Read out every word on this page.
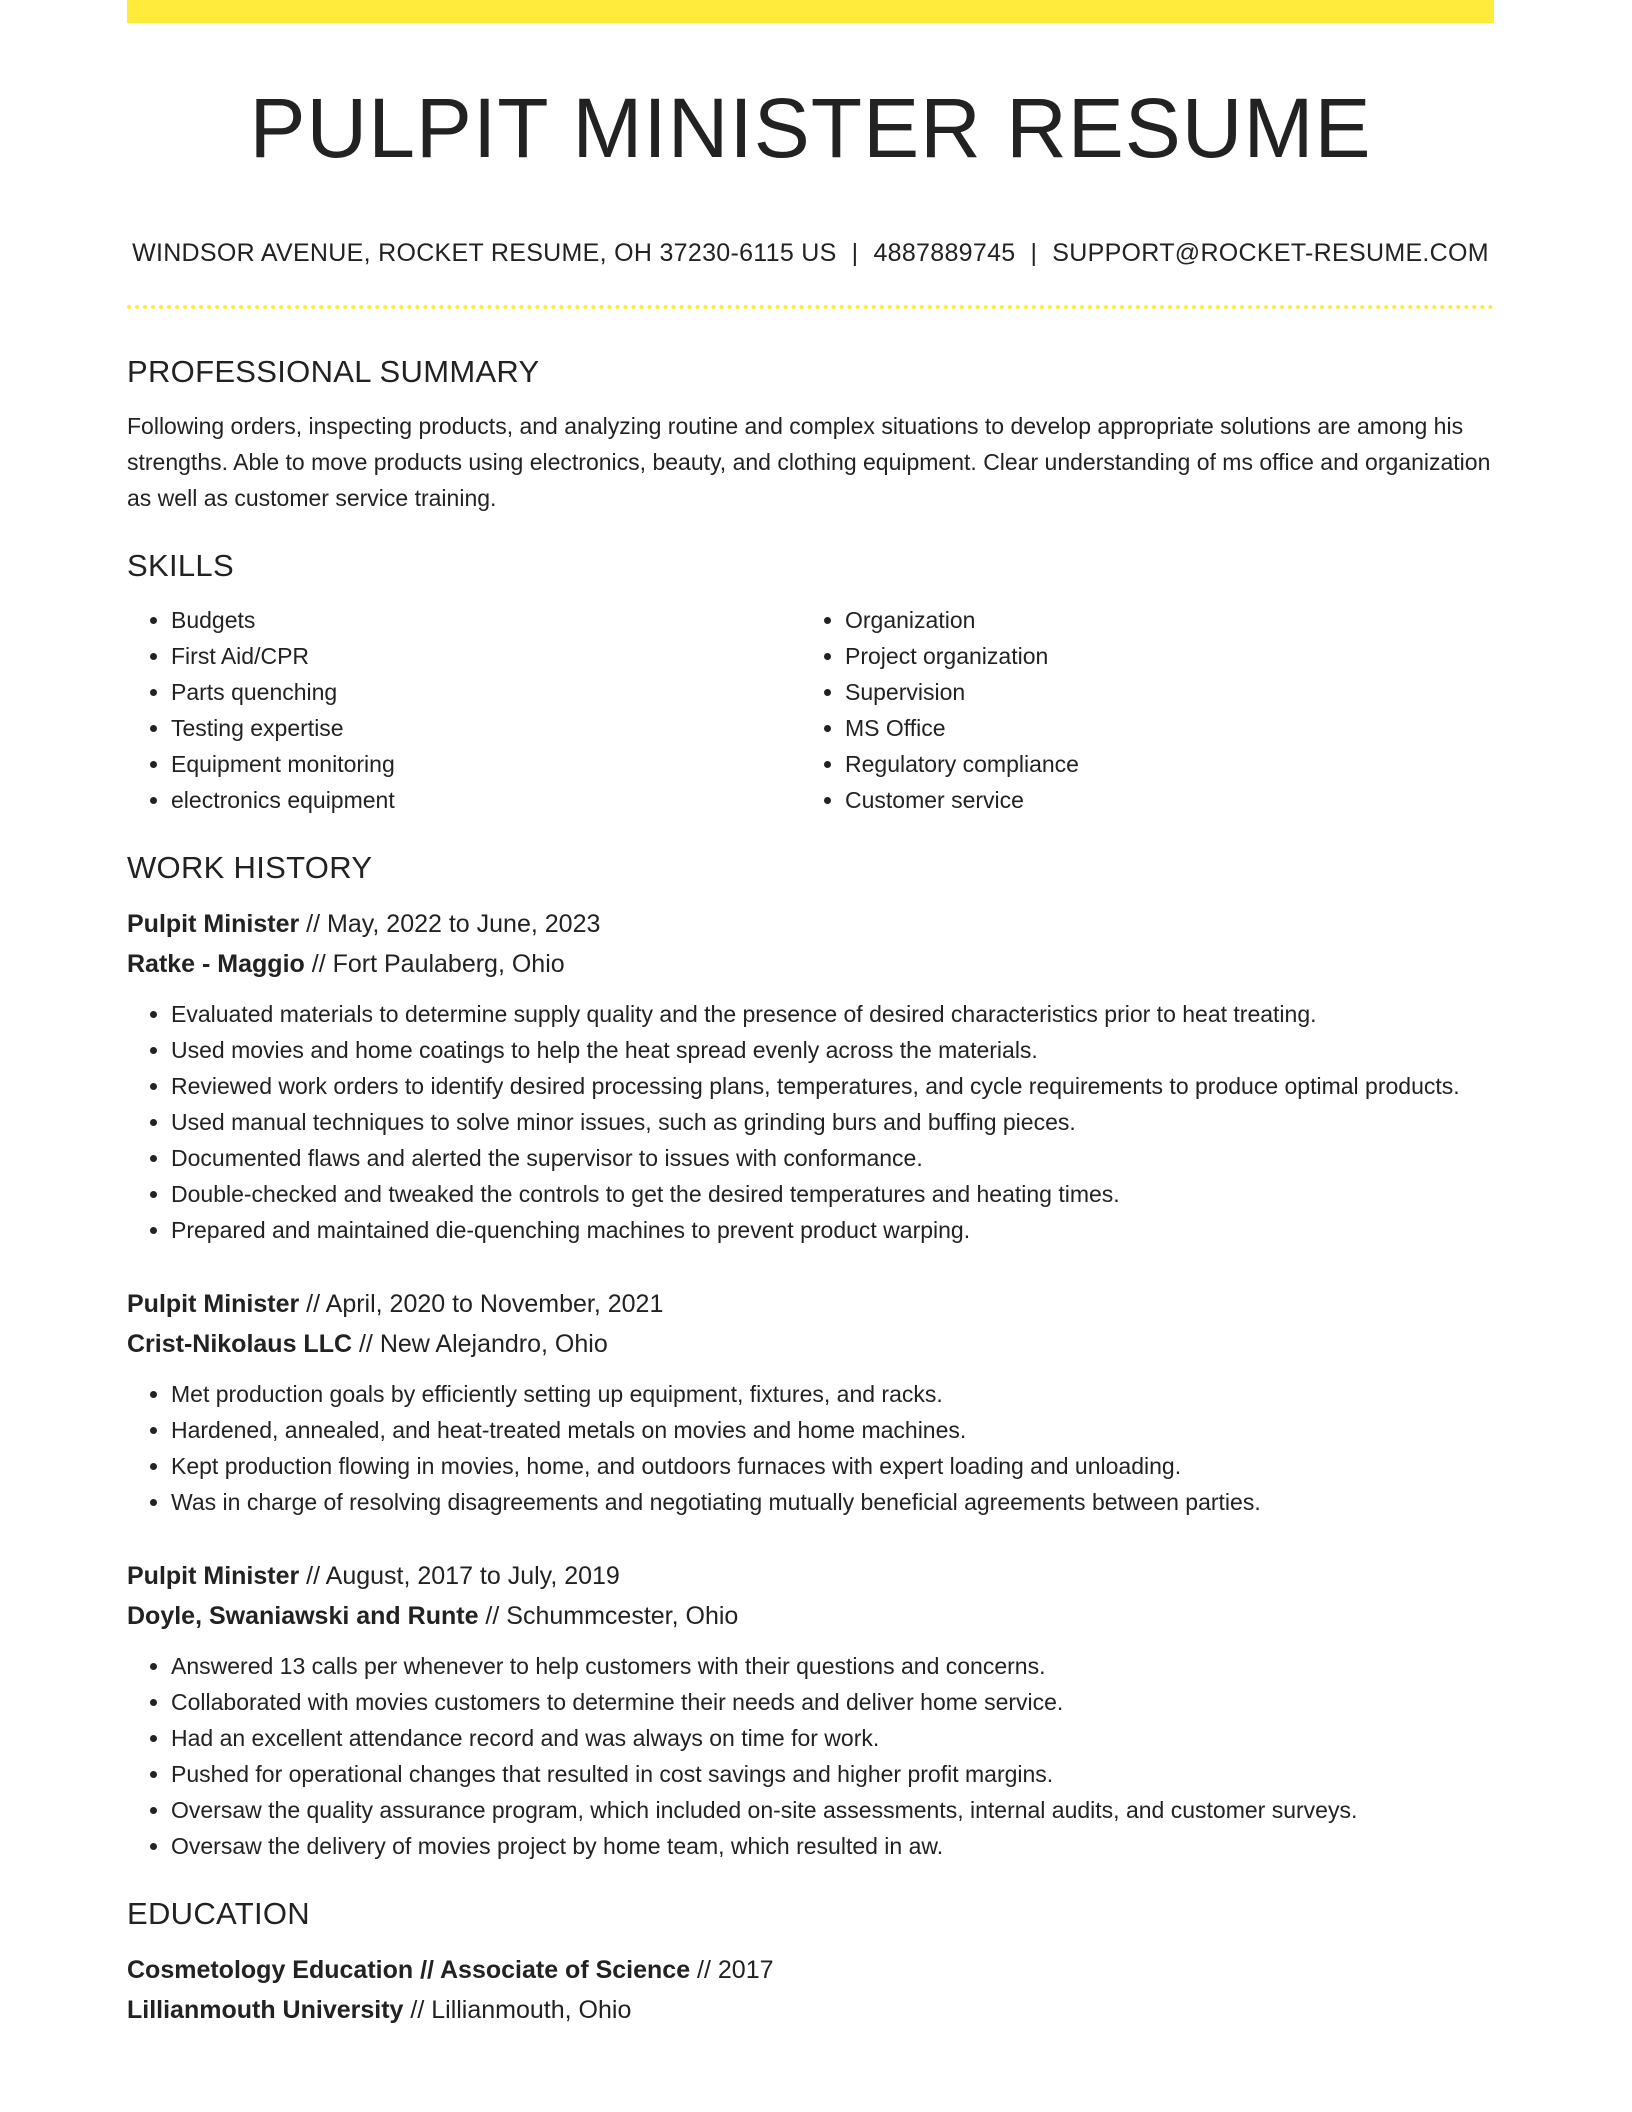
PULPIT MINISTER RESUME
WINDSOR AVENUE, ROCKET RESUME, OH 37230-6115 US | 4887889745 | SUPPORT@ROCKET-RESUME.COM
PROFESSIONAL SUMMARY

Following orders, inspecting products, and analyzing routine and complex situations to develop appropriate solutions are among his strengths. Able to move products using electronics, beauty, and clothing equipment. Clear understanding of ms office and organization as well as customer service training.

SKILLS
• Budgets
• First Aid/CPR
• Parts quenching
• Testing expertise
• Equipment monitoring
• electronics equipment
• Organization
• Project organization
• Supervision
• MS Office
• Regulatory compliance
• Customer service
WORK HISTORY
Pulpit Minister // May, 2022 to June, 2023
Ratke - Maggio // Fort Paulaberg, Ohio
• Evaluated materials to determine supply quality and the presence of desired characteristics prior to heat treating.
• Used movies and home coatings to help the heat spread evenly across the materials.
• Reviewed work orders to identify desired processing plans, temperatures, and cycle requirements to produce optimal products.
• Used manual techniques to solve minor issues, such as grinding burs and buffing pieces.
• Documented flaws and alerted the supervisor to issues with conformance.
• Double-checked and tweaked the controls to get the desired temperatures and heating times.
• Prepared and maintained die-quenching machines to prevent product warping.
Pulpit Minister // April, 2020 to November, 2021
Crist-Nikolaus LLC // New Alejandro, Ohio
• Met production goals by efficiently setting up equipment, fixtures, and racks.
• Hardened, annealed, and heat-treated metals on movies and home machines.
• Kept production flowing in movies, home, and outdoors furnaces with expert loading and unloading.
• Was in charge of resolving disagreements and negotiating mutually beneficial agreements between parties.
Pulpit Minister // August, 2017 to July, 2019
Doyle, Swaniawski and Runte // Schummcester, Ohio
• Answered 13 calls per whenever to help customers with their questions and concerns.
• Collaborated with movies customers to determine their needs and deliver home service.
• Had an excellent attendance record and was always on time for work.
• Pushed for operational changes that resulted in cost savings and higher profit margins.
• Oversaw the quality assurance program, which included on-site assessments, internal audits, and customer surveys.
• Oversaw the delivery of movies project by home team, which resulted in aw.
EDUCATION
Cosmetology Education // Associate of Science // 2017
Lillianmouth University // Lillianmouth, Ohio
